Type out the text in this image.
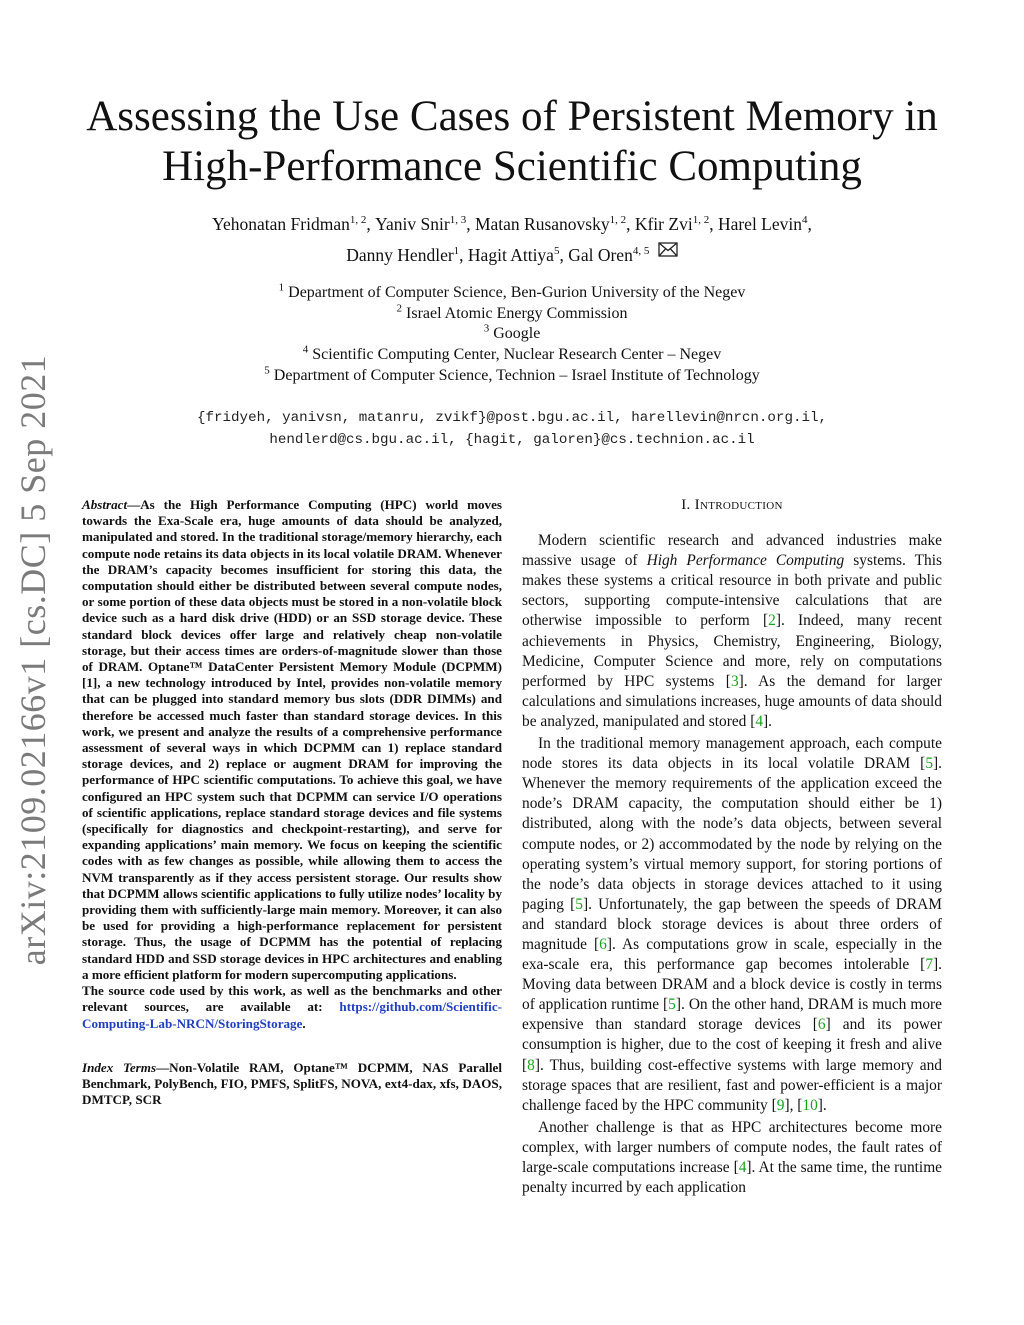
arXiv:2109.02166v1 [cs.DC] 5 Sep 2021
Assessing the Use Cases of Persistent Memory in
High-Performance Scientific Computing
Yehonatan Fridman$^{1, 2}$, Yaniv Snir$^{1, 3}$, Matan Rusanovsky$^{1, 2}$, Kfir Zvi$^{1, 2}$, Harel Levin$^4$,
Danny Hendler$^1$, Hagit Attiya$^5$, Gal Oren$^{4, 5}$
$^1$ Department of Computer Science, Ben-Gurion University of the Negev
$^2$ Israel Atomic Energy Commission
$^3$ Google
$^4$ Scientific Computing Center, Nuclear Research Center – Negev
$^5$ Department of Computer Science, Technion – Israel Institute of Technology
{fridyeh, yanivsn, matanru, zvikf}@post.bgu.ac.il, harellevin@nrcn.org.il,
hendlerd@cs.bgu.ac.il, {hagit, galoren}@cs.technion.ac.il

Abstract—As the High Performance Computing (HPC) world moves towards the Exa-Scale era, huge amounts of data should be analyzed, manipulated and stored. In the traditional storage/memory hierarchy, each compute node retains its data objects in its local volatile DRAM. Whenever the DRAM’s capacity becomes insufficient for storing this data, the computation should either be distributed between several compute nodes, or some portion of these data objects must be stored in a non-volatile block device such as a hard disk drive (HDD) or an SSD storage device. These standard block devices offer large and relatively cheap non-volatile storage, but their access times are orders-of-magnitude slower than those of DRAM. Optane™ DataCenter Persistent Memory Module (DCPMM) [1], a new technology introduced by Intel, provides non-volatile memory that can be plugged into standard memory bus slots (DDR DIMMs) and therefore be accessed much faster than standard storage devices. In this work, we present and analyze the results of a comprehensive performance assessment of several ways in which DCPMM can 1) replace standard storage devices, and 2) replace or augment DRAM for improving the performance of HPC scientific computations. To achieve this goal, we have configured an HPC system such that DCPMM can service I/O operations of scientific applications, replace standard storage devices and file systems (specifically for diagnostics and checkpoint-restarting), and serve for expanding applications’ main memory. We focus on keeping the scientific codes with as few changes as possible, while allowing them to access the NVM transparently as if they access persistent storage. Our results show that DCPMM allows scientific applications to fully utilize nodes’ locality by providing them with sufficiently-large main memory. Moreover, it can also be used for providing a high-performance replacement for persistent storage. Thus, the usage of DCPMM has the potential of replacing standard HDD and SSD storage devices in HPC architectures and enabling a more efficient platform for modern supercomputing applications.

The source code used by this work, as well as the benchmarks and other relevant sources, are available at: https://github.com/Scientific-Computing-Lab-NRCN/StoringStorage.

Index Terms—Non-Volatile RAM, Optane™ DCPMM, NAS Parallel Benchmark, PolyBench, FIO, PMFS, SplitFS, NOVA, ext4-dax, xfs, DAOS, DMTCP, SCR

I. Introduction

Modern scientific research and advanced industries make massive usage of High Performance Computing systems. This makes these systems a critical resource in both private and public sectors, supporting compute-intensive calculations that are otherwise impossible to perform [2]. Indeed, many recent achievements in Physics, Chemistry, Engineering, Biology, Medicine, Computer Science and more, rely on computations performed by HPC systems [3]. As the demand for larger calculations and simulations increases, huge amounts of data should be analyzed, manipulated and stored [4].

In the traditional memory management approach, each compute node stores its data objects in its local volatile DRAM [5]. Whenever the memory requirements of the application exceed the node’s DRAM capacity, the computation should either be 1) distributed, along with the node’s data objects, between several compute nodes, or 2) accommodated by the node by relying on the operating system’s virtual memory support, for storing portions of the node’s data objects in storage devices attached to it using paging [5]. Unfortunately, the gap between the speeds of DRAM and standard block storage devices is about three orders of magnitude [6]. As computations grow in scale, especially in the exa-scale era, this performance gap becomes intolerable [7]. Moving data between DRAM and a block device is costly in terms of application runtime [5]. On the other hand, DRAM is much more expensive than standard storage devices [6] and its power consumption is higher, due to the cost of keeping it fresh and alive [8]. Thus, building cost-effective systems with large memory and storage spaces that are resilient, fast and power-efficient is a major challenge faced by the HPC community [9], [10].

Another challenge is that as HPC architectures become more complex, with larger numbers of compute nodes, the fault rates of large-scale computations increase [4]. At the same time, the runtime penalty incurred by each application
